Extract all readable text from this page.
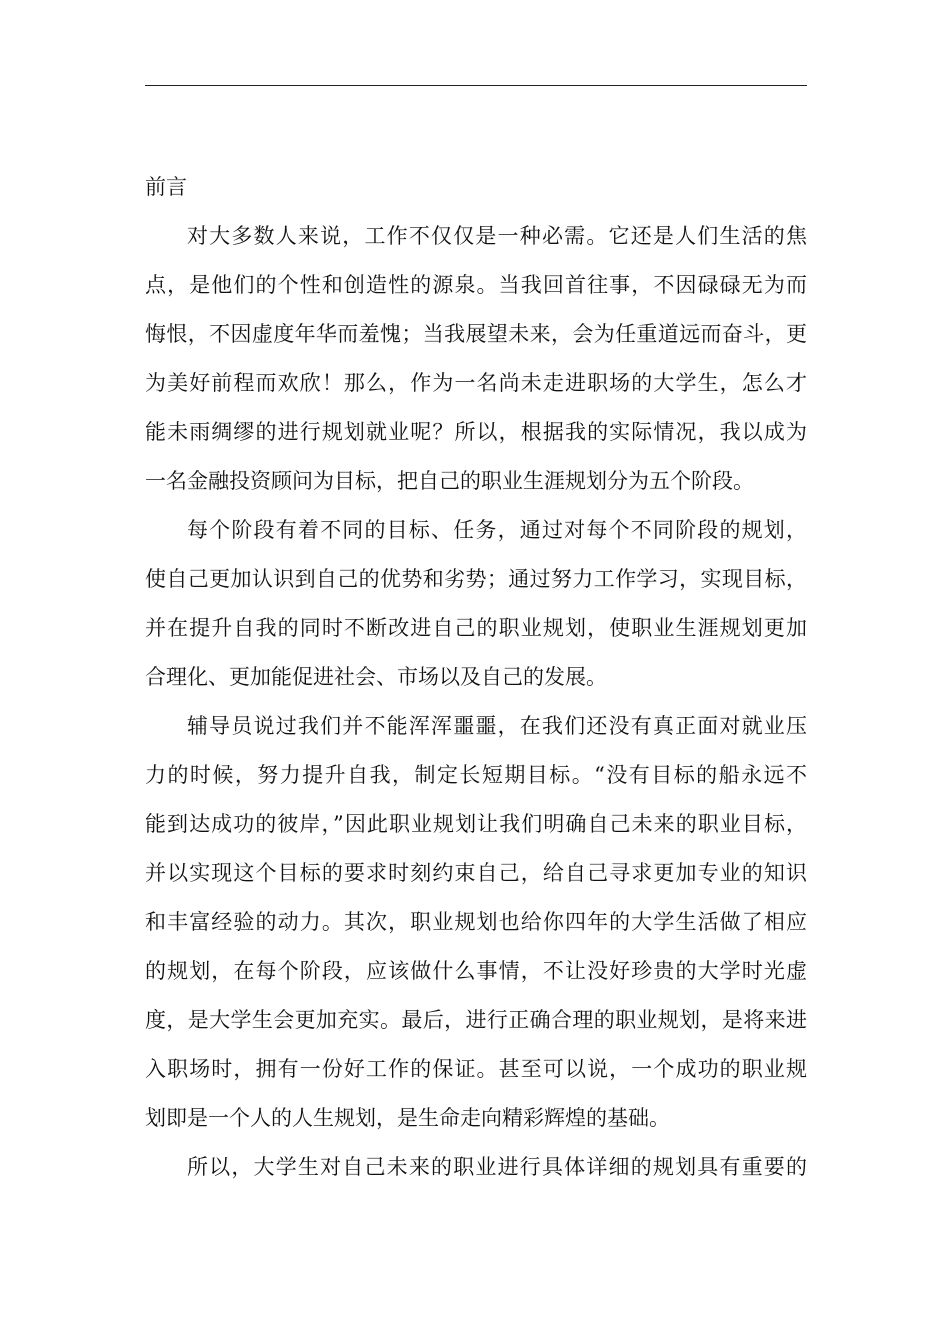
前言
对大多数人来说，工作不仅仅是一种必需。它还是人们生活的焦
点，是他们的个性和创造性的源泉。当我回首往事，不因碌碌无为而
悔恨，不因虚度年华而羞愧；当我展望未来，会为任重道远而奋斗，更
为美好前程而欢欣！那么，作为一名尚未走进职场的大学生，怎么才
能未雨绸缪的进行规划就业呢？所以，根据我的实际情况，我以成为
一名金融投资顾问为目标，把自己的职业生涯规划分为五个阶段。
每个阶段有着不同的目标、任务，通过对每个不同阶段的规划，
使自己更加认识到自己的优势和劣势；通过努力工作学习，实现目标，
并在提升自我的同时不断改进自己的职业规划，使职业生涯规划更加
合理化、更加能促进社会、市场以及自己的发展。
辅导员说过我们并不能浑浑噩噩，在我们还没有真正面对就业压
力的时候，努力提升自我，制定长短期目标。“没有目标的船永远不
能到达成功的彼岸，”因此职业规划让我们明确自己未来的职业目标，
并以实现这个目标的要求时刻约束自己，给自己寻求更加专业的知识
和丰富经验的动力。其次，职业规划也给你四年的大学生活做了相应
的规划，在每个阶段，应该做什么事情，不让没好珍贵的大学时光虚
度，是大学生会更加充实。最后，进行正确合理的职业规划，是将来进
入职场时，拥有一份好工作的保证。甚至可以说，一个成功的职业规
划即是一个人的人生规划，是生命走向精彩辉煌的基础。
所以，大学生对自己未来的职业进行具体详细的规划具有重要的
